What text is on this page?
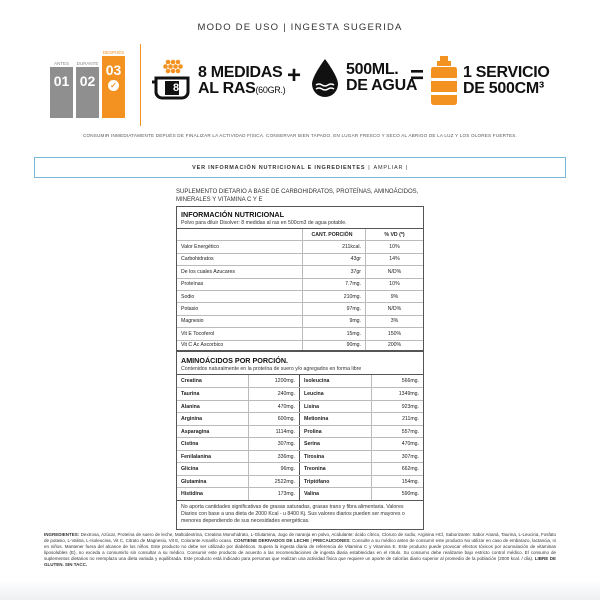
MODO DE USO | INGESTA SUGERIDA
ANTES
01
DURANTE
02
DESPUÉS
03
✓	8
8 MEDIDAS
AL RAS(60GR.)
+	500ML.
DE AGUA
= 1 SERVICIO
DE 500CM³
CONSUMIR INMEDIATAMENTE DEPUÉS DE FINALIZAR LA ACTIVIDAD FÍSICA. CONSERVAR BIEN TAPADO, EN LUGAR FRESCO Y SECO AL ABRIGO DE LA LUZ Y LOS OLORES FUERTES.
VER INFORMACIÓN NUTRICIONAL E INGREDIENTES | AMPLIAR |
SUPLEMENTO DIETARIO A BASE DE CARBOHIDRATOS, PROTEÍNAS, AMINOÁCIDOS, MINERALES Y VITAMINA C Y E
INFORMACIÓN NUTRICIONAL
Polvo para diluir Disolver: 8 medidas al ras en 500cm3 de agua potable.
CANT. PORCIÓN	% VD (*)
Valor Energético	211kcal.	10%
Carbohidratos	43gr	14%
De los cuales Azucares	37gr	N/D%
Proteínas	7.7mg.	10%
Sodio	210mg.	9%
Potasio	97mg.	N/D%
Magnesio	9mg.	3%
Vit E Tocoferol	15mg.	150%
Vit C Ac Ascorbico	90mg.	200%
AMINOÁCIDOS POR PORCIÓN.
Contenidos naturalmente en la proteína de suero y/o agregados en forma libre
Creatina	1200mg.	Isoleucina	566mg.
Taurina	240mg.	Leucina	1349mg.
Alanina	470mg.	Lisina	923mg.
Arginina	600mg.	Metionina	211mg.
Asparagina	1114mg.	Prolina	557mg.
Cistina	307mg.	Serina	470mg.
Fenilalanina	336mg.	Tirosina	307mg.
Glicina	96mg.	Treonina	662mg.
Glutamina	2522mg.	Triptófano	154mg.
Histidina	173mg.	Valina	590mg.
No aporta cantidades significativas de grasas saturadas, grasas trans y fibra alimentaria. Valores Diarios con base a una dieta de 2000 Kcal - u 8400 Kj. Sus valores diarios pueden ser mayores o menores dependiendo de sus necesidades energéticas.
INGREDIENTES: Dextrosa, Azúcar, Proteína de suero de leche, Maltodextrina, Creatina Monohidrato, L-Glutamina, Jugo de naranja en polvo, Acidulante: ácido cítrico, Cloruro de sodio, Arginina HCl, Saborizante: Sabor Ananá, Taurina, L-Leucina, Fosfato de potasio, L-Valina, L-Isoleucina, Vit C, Citrato de Magnesio, Vit E, Colorante Amarillo ocaso. CONTIENE DERIVADOS DE LECHE | PRECAUCIONES: Consulte a su médico antes de consumir este producto No utilizar en caso de embarazo, lactancia, ni en niños. Mantener fuera del alcance de los niños. Este producto no debe ser utilizado por diabéticos. Supera la ingesta diaria de referencia de Vitamina C y Vitamina E. Este producto puede provocar efectos tóxicos por acumulación de vitaminas liposolubles (E), no exceda a consumirlo sin consultar a su médico. Consumir este producto de acuerdo a las recomendaciones de ingesta diaria establecidas en el rótulo. Su consumo debe realizarse bajo estricto control médico. El consumo de suplementos dietarios no reemplaza una dieta variada y equilibrada. Este producto está indicado para personas que realizan una actividad física que requiere un aporte de calorías diario superior al promedio de la población (2000 kcal. / día). LIBRE DE GLUTEN. SIN TACC.
